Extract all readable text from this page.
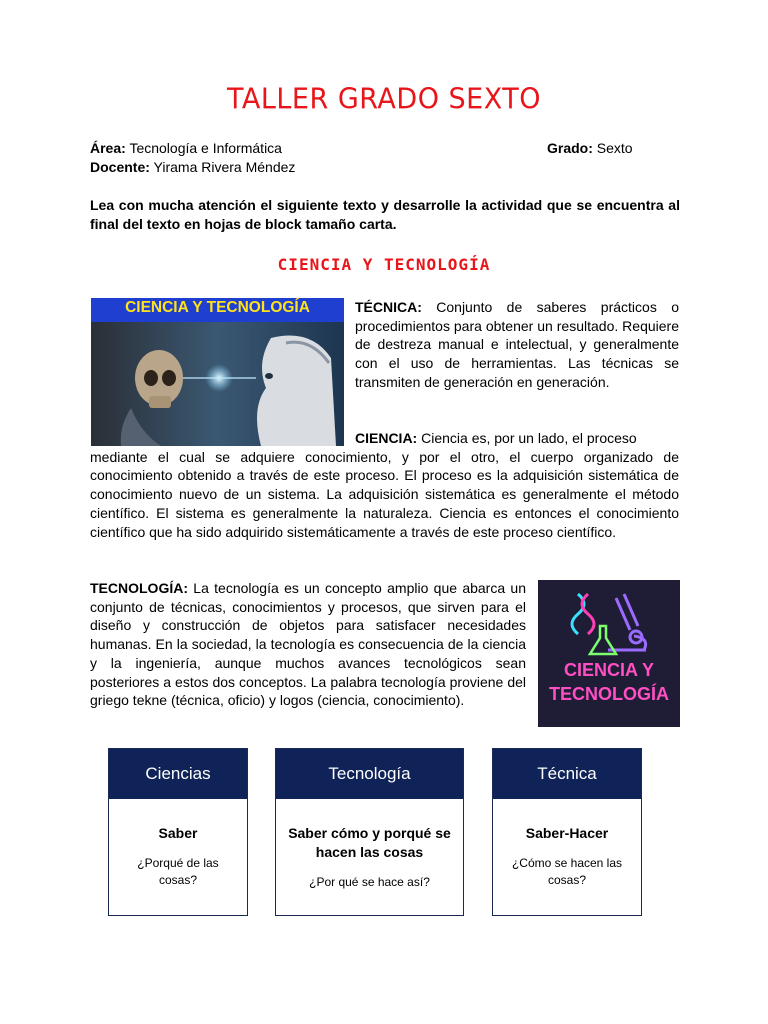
TALLER GRADO SEXTO
Área: Tecnología e Informática	Grado: Sexto
Docente: Yirama Rivera Méndez
Lea con mucha atención el siguiente texto y desarrolle la actividad que se encuentra al final del texto en hojas de block tamaño carta.
CIENCIA Y TECNOLOGÍA
CIENCIA Y TECNOLOGÍA	TÉCNICA: Conjunto de saberes prácticos o procedimientos para obtener un resultado. Requiere de destreza manual e intelectual, y generalmente con el uso de herramientas. Las técnicas se transmiten de generación en generación.
CIENCIA: Ciencia es, por un lado, el proceso
mediante el cual se adquiere conocimiento, y por el otro, el cuerpo organizado de conocimiento obtenido a través de este proceso. El proceso es la adquisición sistemática de conocimiento nuevo de un sistema. La adquisición sistemática es generalmente el método científico. El sistema es generalmente la naturaleza. Ciencia es entonces el conocimiento científico que ha sido adquirido sistemáticamente a través de este proceso científico.
TECNOLOGÍA: La tecnología es un concepto amplio que abarca un conjunto de técnicas, conocimientos y procesos, que sirven para el diseño y construcción de objetos para satisfacer necesidades humanas. En la sociedad, la tecnología es consecuencia de la ciencia y la ingeniería, aunque muchos avances tecnológicos sean posteriores a estos dos conceptos. La palabra tecnología proviene del griego tekne (técnica, oficio) y logos (ciencia, conocimiento).
CIENCIA Y
TECNOLOGÍA
Ciencias
Saber
¿Porqué de las cosas?
Tecnología
Saber cómo y porqué se hacen las cosas
¿Por qué se hace así?
Técnica
Saber-Hacer
¿Cómo se hacen las cosas?
